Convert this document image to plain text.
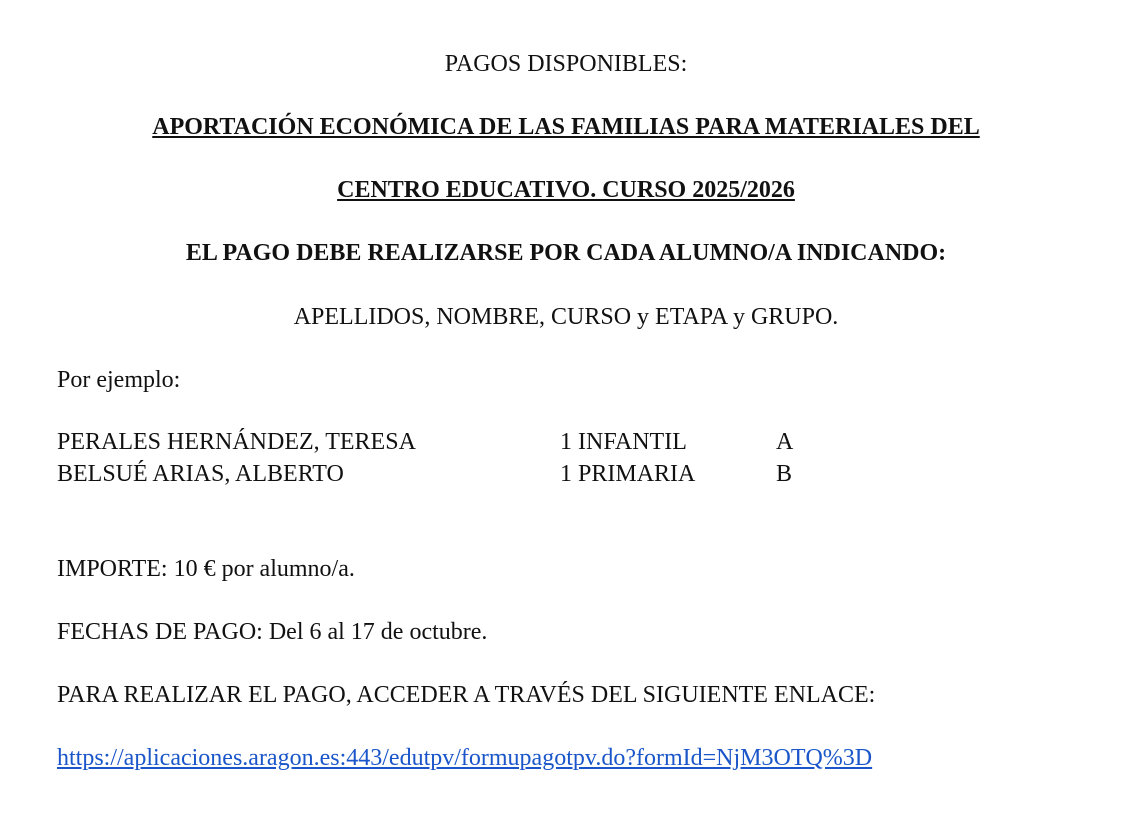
PAGOS DISPONIBLES:
APORTACIÓN ECONÓMICA DE LAS FAMILIAS PARA MATERIALES DEL
CENTRO EDUCATIVO. CURSO 2025/2026
EL PAGO DEBE REALIZARSE POR CADA ALUMNO/A INDICANDO:
APELLIDOS, NOMBRE, CURSO y ETAPA y GRUPO.
Por ejemplo:
PERALES HERNÁNDEZ, TERESA	1 INFANTIL	A
BELSUÉ ARIAS, ALBERTO	1 PRIMARIA	B
IMPORTE: 10 € por alumno/a.
FECHAS DE PAGO: Del 6 al 17 de octubre.
PARA REALIZAR EL PAGO, ACCEDER A TRAVÉS DEL SIGUIENTE ENLACE:
https://aplicaciones.aragon.es:443/edutpv/formupagotpv.do?formId=NjM3OTQ%3D
